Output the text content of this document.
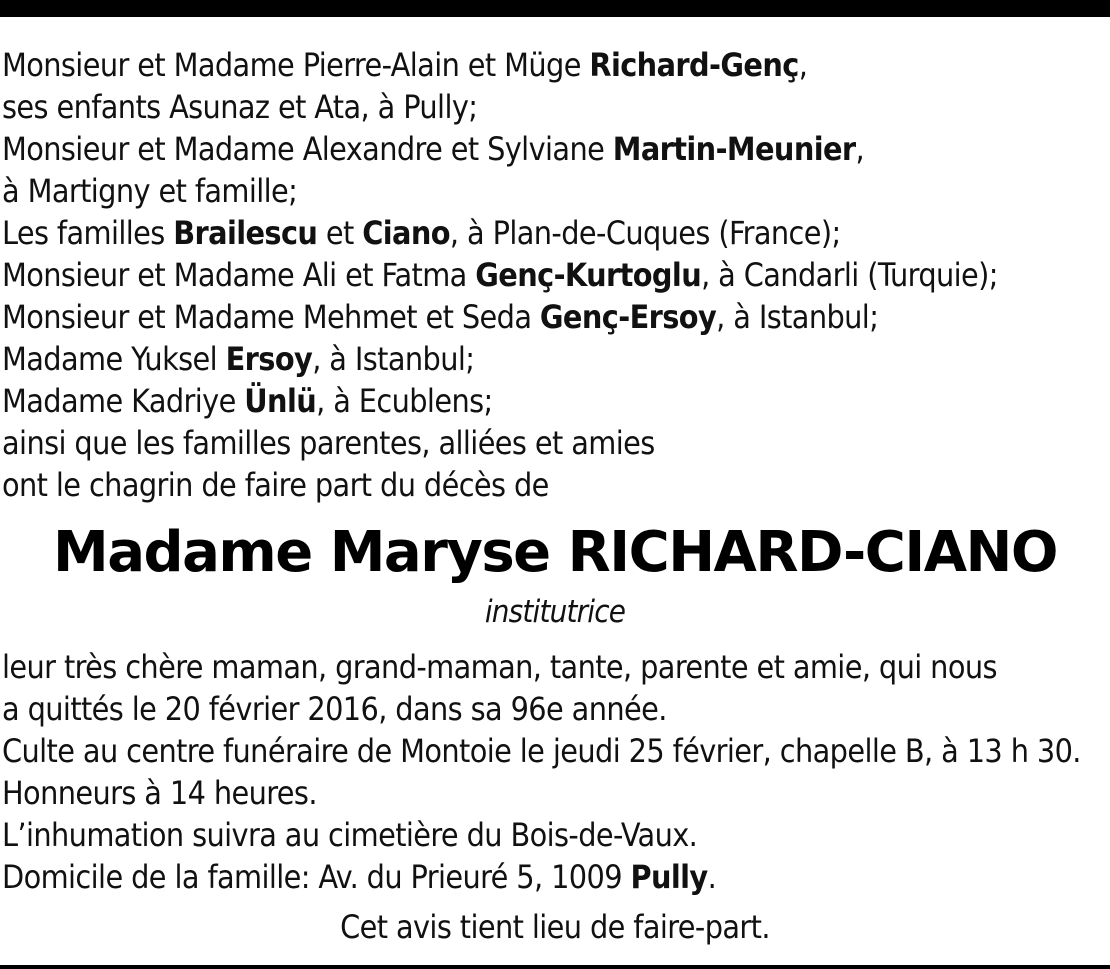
Monsieur et Madame Pierre-Alain et Müge Richard-Genç,
ses enfants Asunaz et Ata, à Pully;
Monsieur et Madame Alexandre et Sylviane Martin-Meunier,
à Martigny et famille;
Les familles Brailescu et Ciano, à Plan-de-Cuques (France);
Monsieur et Madame Ali et Fatma Genç-Kurtoglu, à Candarli (Turquie);
Monsieur et Madame Mehmet et Seda Genç-Ersoy, à Istanbul;
Madame Yuksel Ersoy, à Istanbul;
Madame Kadriye Ünlü, à Ecublens;
ainsi que les familles parentes, alliées et amies
ont le chagrin de faire part du décès de
Madame Maryse RICHARD-CIANO
institutrice
leur très chère maman, grand-maman, tante, parente et amie, qui nous
a quittés le 20 février 2016, dans sa 96e année.
Culte au centre funéraire de Montoie le jeudi 25 février, chapelle B, à 13 h 30.
Honneurs à 14 heures.
L’inhumation suivra au cimetière du Bois-de-Vaux.
Domicile de la famille: Av. du Prieuré 5, 1009 Pully.
Cet avis tient lieu de faire-part.
